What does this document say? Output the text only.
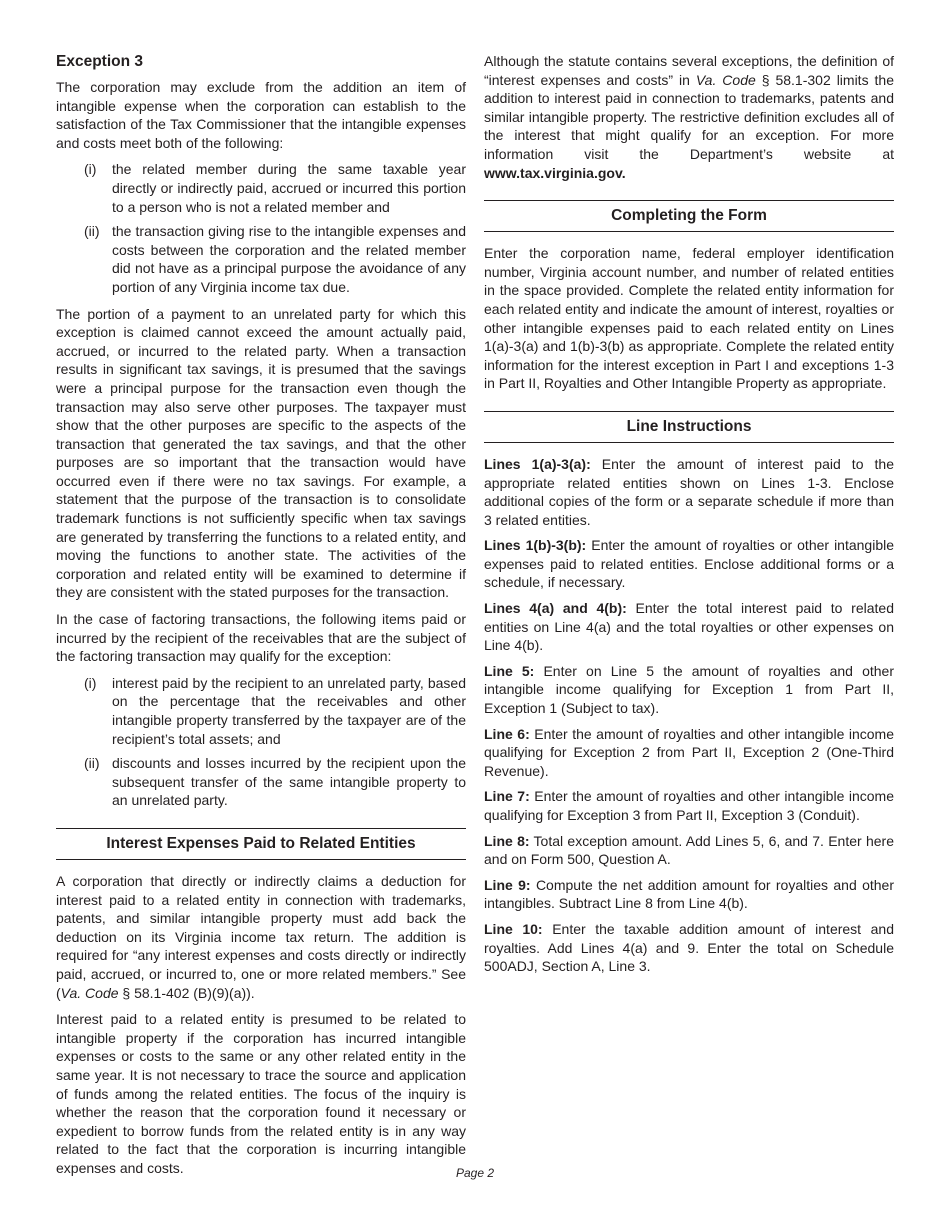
Exception 3

The corporation may exclude from the addition an item of intangible expense when the corporation can establish to the satisfaction of the Tax Commissioner that the intangible expenses and costs meet both of the following:

(i)	the related member during the same taxable year directly or indirectly paid, accrued or incurred this portion to a person who is not a related member and
(ii) the transaction giving rise to the intangible expenses and costs between the corporation and the related member did not have as a principal purpose the avoidance of any portion of any Virginia income tax due.

The portion of a payment to an unrelated party for which this exception is claimed cannot exceed the amount actually paid, accrued, or incurred to the related party. When a transaction results in significant tax savings, it is presumed that the savings were a principal purpose for the transaction even though the transaction may also serve other purposes. The taxpayer must show that the other purposes are specific to the aspects of the transaction that generated the tax savings, and that the other purposes are so important that the transaction would have occurred even if there were no tax savings. For example, a statement that the purpose of the transaction is to consolidate trademark functions is not sufficiently specific when tax savings are generated by transferring the functions to a related entity, and moving the functions to another state. The activities of the corporation and related entity will be examined to determine if they are consistent with the stated purposes for the transaction.

In the case of factoring transactions, the following items paid or incurred by the recipient of the receivables that are the subject of the factoring transaction may qualify for the exception:

(i)	interest paid by the recipient to an unrelated party, based on the percentage that the receivables and other intangible property transferred by the taxpayer are of the recipient’s total assets; and
(ii) discounts and losses incurred by the recipient upon the subsequent transfer of the same intangible property to an unrelated party.
Interest Expenses Paid to Related Entities

A corporation that directly or indirectly claims a deduction for interest paid to a related entity in connection with trademarks, patents, and similar intangible property must add back the deduction on its Virginia income tax return. The addition is required for “any interest expenses and costs directly or indirectly paid, accrued, or incurred to, one or more related members.” See (Va. Code § 58.1-402 (B)(9)(a)).

Interest paid to a related entity is presumed to be related to intangible property if the corporation has incurred intangible expenses or costs to the same or any other related entity in the same year. It is not necessary to trace the source and application of funds among the related entities. The focus of the inquiry is whether the reason that the corporation found it necessary or expedient to borrow funds from the related entity is in any way related to the fact that the corporation is incurring intangible expenses and costs.

Although the statute contains several exceptions, the definition of “interest expenses and costs” in Va. Code § 58.1-302 limits the addition to interest paid in connection to trademarks, patents and similar intangible property. The restrictive definition excludes all of the interest that might qualify for an exception. For more information visit the Department’s website at www.tax.virginia.gov.

Completing the Form

Enter the corporation name, federal employer identification number, Virginia account number, and number of related entities in the space provided. Complete the related entity information for each related entity and indicate the amount of interest, royalties or other intangible expenses paid to each related entity on Lines 1(a)-3(a) and 1(b)-3(b) as appropriate. Complete the related entity information for the interest exception in Part I and exceptions 1-3 in Part II, Royalties and Other Intangible Property as appropriate.

Line Instructions

Lines 1(a)-3(a): Enter the amount of interest paid to the appropriate related entities shown on Lines 1-3. Enclose additional copies of the form or a separate schedule if more than 3 related entities.

Lines 1(b)-3(b): Enter the amount of royalties or other intangible expenses paid to related entities. Enclose additional forms or a schedule, if necessary.

Lines 4(a) and 4(b): Enter the total interest paid to related entities on Line 4(a) and the total royalties or other expenses on Line 4(b).

Line 5: Enter on Line 5 the amount of royalties and other intangible income qualifying for Exception 1 from Part II, Exception 1 (Subject to tax).

Line 6: Enter the amount of royalties and other intangible income qualifying for Exception 2 from Part II, Exception 2 (One-Third Revenue).

Line 7: Enter the amount of royalties and other intangible income qualifying for Exception 3 from Part II, Exception 3 (Conduit).

Line 8: Total exception amount. Add Lines 5, 6, and 7. Enter here and on Form 500, Question A.

Line 9: Compute the net addition amount for royalties and other intangibles. Subtract Line 8 from Line 4(b).

Line 10: Enter the taxable addition amount of interest and royalties. Add Lines 4(a) and 9. Enter the total on Schedule 500ADJ, Section A, Line 3.

Page 2
